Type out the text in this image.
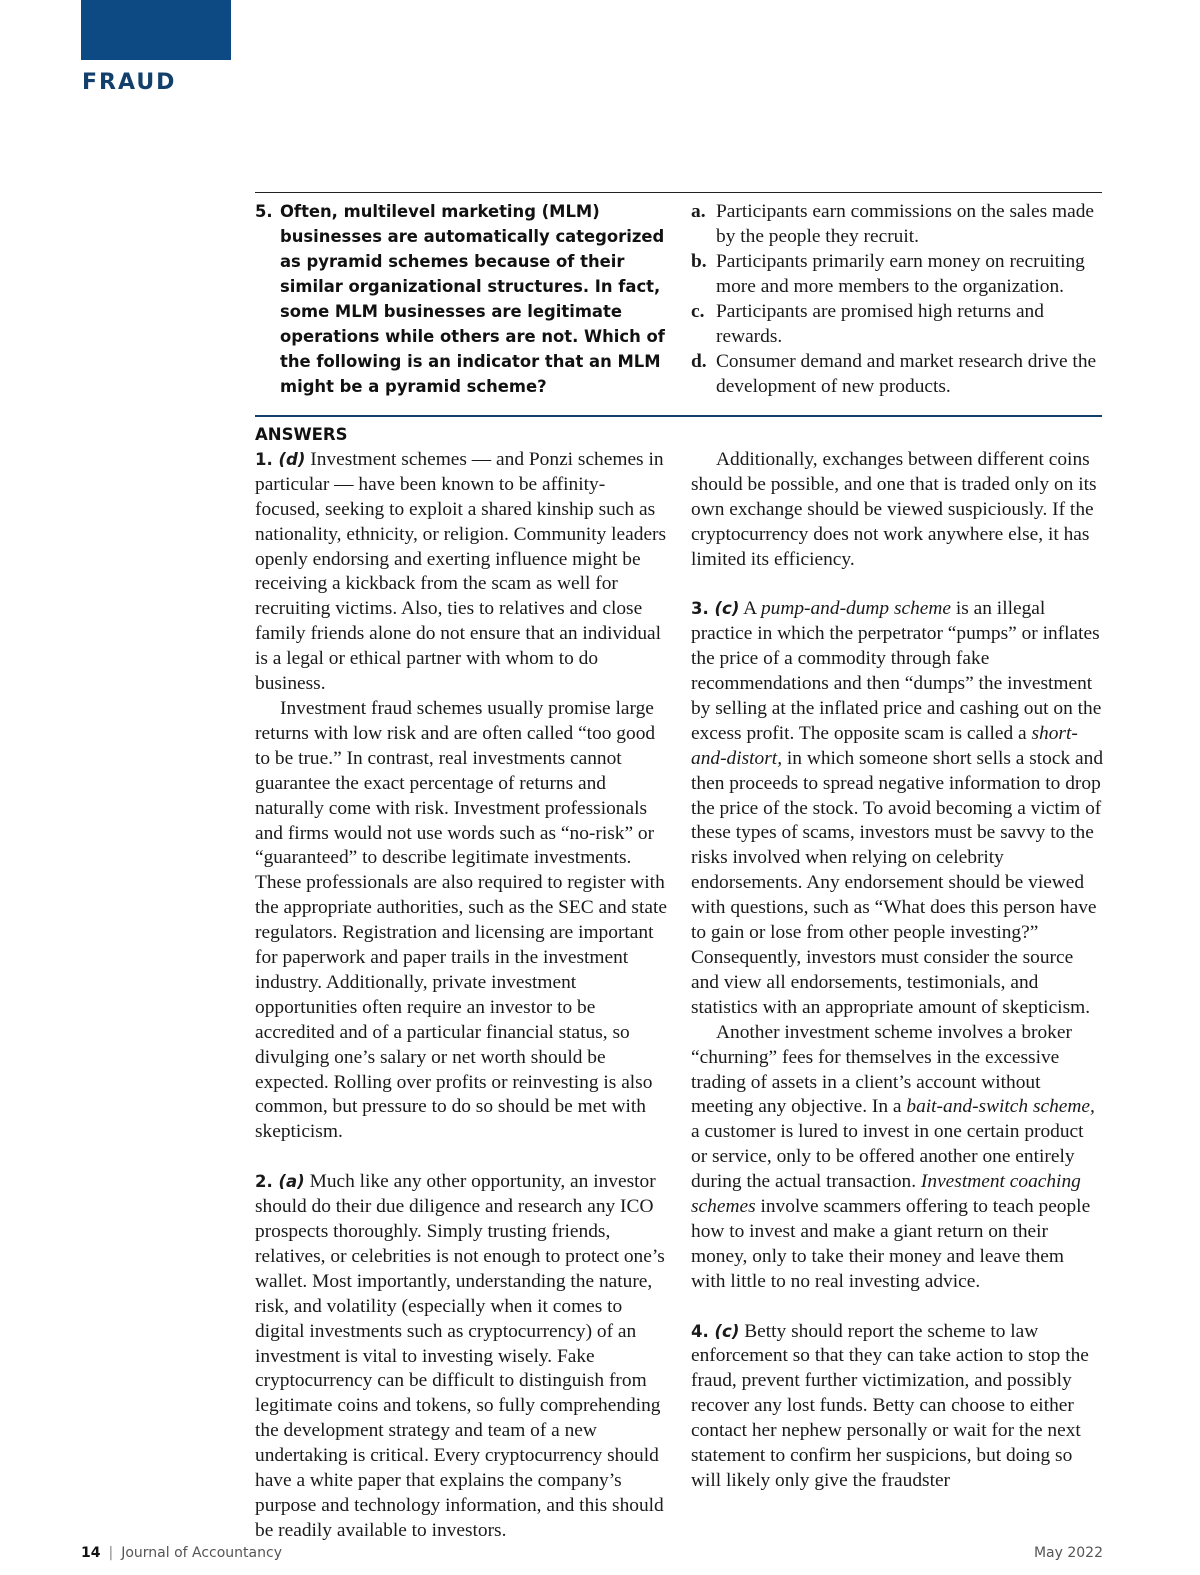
FRAUD
5. Often, multilevel marketing (MLM) businesses are automatically categorized as pyramid schemes because of their similar organizational structures. In fact, some MLM businesses are legitimate operations while others are not. Which of the following is an indicator that an MLM might be a pyramid scheme?
a. Participants earn commissions on the sales made by the people they recruit.
b. Participants primarily earn money on recruiting more and more members to the organization.
c. Participants are promised high returns and rewards.
d. Consumer demand and market research drive the development of new products.
ANSWERS

1. (d) Investment schemes — and Ponzi schemes in particular — have been known to be affinity-focused, seeking to exploit a shared kinship such as nationality, ethnicity, or religion. Community leaders openly endorsing and exerting influence might be receiving a kickback from the scam as well for recruiting victims. Also, ties to relatives and close family friends alone do not ensure that an individual is a legal or ethical partner with whom to do business.

Investment fraud schemes usually promise large returns with low risk and are often called “too good to be true.” In contrast, real investments cannot guarantee the exact percentage of returns and naturally come with risk. Investment professionals and firms would not use words such as “no-risk” or “guaranteed” to describe legitimate investments. These professionals are also required to register with the appropriate authorities, such as the SEC and state regulators. Registration and licensing are important for paperwork and paper trails in the investment industry. Additionally, private investment opportunities often require an investor to be accredited and of a particular financial status, so divulging one’s salary or net worth should be expected. Rolling over profits or reinvesting is also common, but pressure to do so should be met with skepticism.

2. (a) Much like any other opportunity, an investor should do their due diligence and research any ICO prospects thoroughly. Simply trusting friends, relatives, or celebrities is not enough to protect one’s wallet. Most importantly, understanding the nature, risk, and volatility (especially when it comes to digital investments such as cryptocurrency) of an investment is vital to investing wisely. Fake cryptocurrency can be difficult to distinguish from legitimate coins and tokens, so fully comprehending the development strategy and team of a new undertaking is critical. Every cryptocurrency should have a white paper that explains the company’s purpose and technology information, and this should be readily available to investors.

Additionally, exchanges between different coins should be possible, and one that is traded only on its own exchange should be viewed suspiciously. If the cryptocurrency does not work anywhere else, it has limited its efficiency.

3. (c) A pump-and-dump scheme is an illegal practice in which the perpetrator “pumps” or inflates the price of a commodity through fake recommendations and then “dumps” the investment by selling at the inflated price and cashing out on the excess profit. The opposite scam is called a short-and-distort, in which someone short sells a stock and then proceeds to spread negative information to drop the price of the stock. To avoid becoming a victim of these types of scams, investors must be savvy to the risks involved when relying on celebrity endorsements. Any endorsement should be viewed with questions, such as “What does this person have to gain or lose from other people investing?” Consequently, investors must consider the source and view all endorsements, testimonials, and statistics with an appropriate amount of skepticism.

Another investment scheme involves a broker “churning” fees for themselves in the excessive trading of assets in a client’s account without meeting any objective. In a bait-and-switch scheme, a customer is lured to invest in one certain product or service, only to be offered another one entirely during the actual transaction. Investment coaching schemes involve scammers offering to teach people how to invest and make a giant return on their money, only to take their money and leave them with little to no real investing advice.

4. (c) Betty should report the scheme to law enforcement so that they can take action to stop the fraud, prevent further victimization, and possibly recover any lost funds. Betty can choose to either contact her nephew personally or wait for the next statement to confirm her suspicions, but doing so will likely only give the fraudster

14 | Journal of Accountancy	May 2022
